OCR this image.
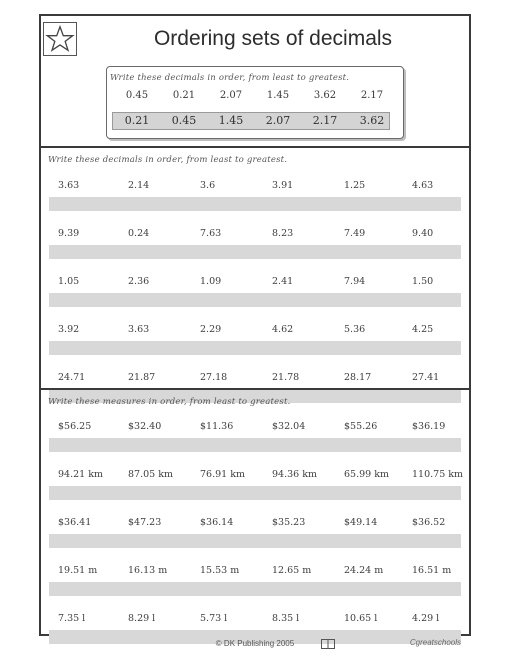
Ordering sets of decimals
Write these decimals in order, from least to greatest.
0.45	0.21	2.07	1.45	3.62	2.17
0.21	0.45	1.45	2.07	2.17	3.62
Write these decimals in order, from least to greatest.
3.63	2.14	3.6	3.91	1.25	4.63
9.39	0.24	7.63	8.23	7.49	9.40
1.05	2.36	1.09	2.41	7.94	1.50
3.92	3.63	2.29	4.62	5.36	4.25
24.71	21.87	27.18	21.78	28.17	27.41
Write these measures in order, from least to greatest.
$56.25	$32.40	$11.36	$32.04	$55.26	$36.19
94.21 km	87.05 km	76.91 km	94.36 km	65.99 km	110.75 km
$36.41	$47.23	$36.14	$35.23	$49.14	$36.52
19.51 m	16.13 m	15.53 m	12.65 m	24.24 m	16.51 m
7.35 l	8.29 l	5.73 l	8.35 l	10.65 l	4.29 l
© DK Publishing 2005	Cgreatschools
